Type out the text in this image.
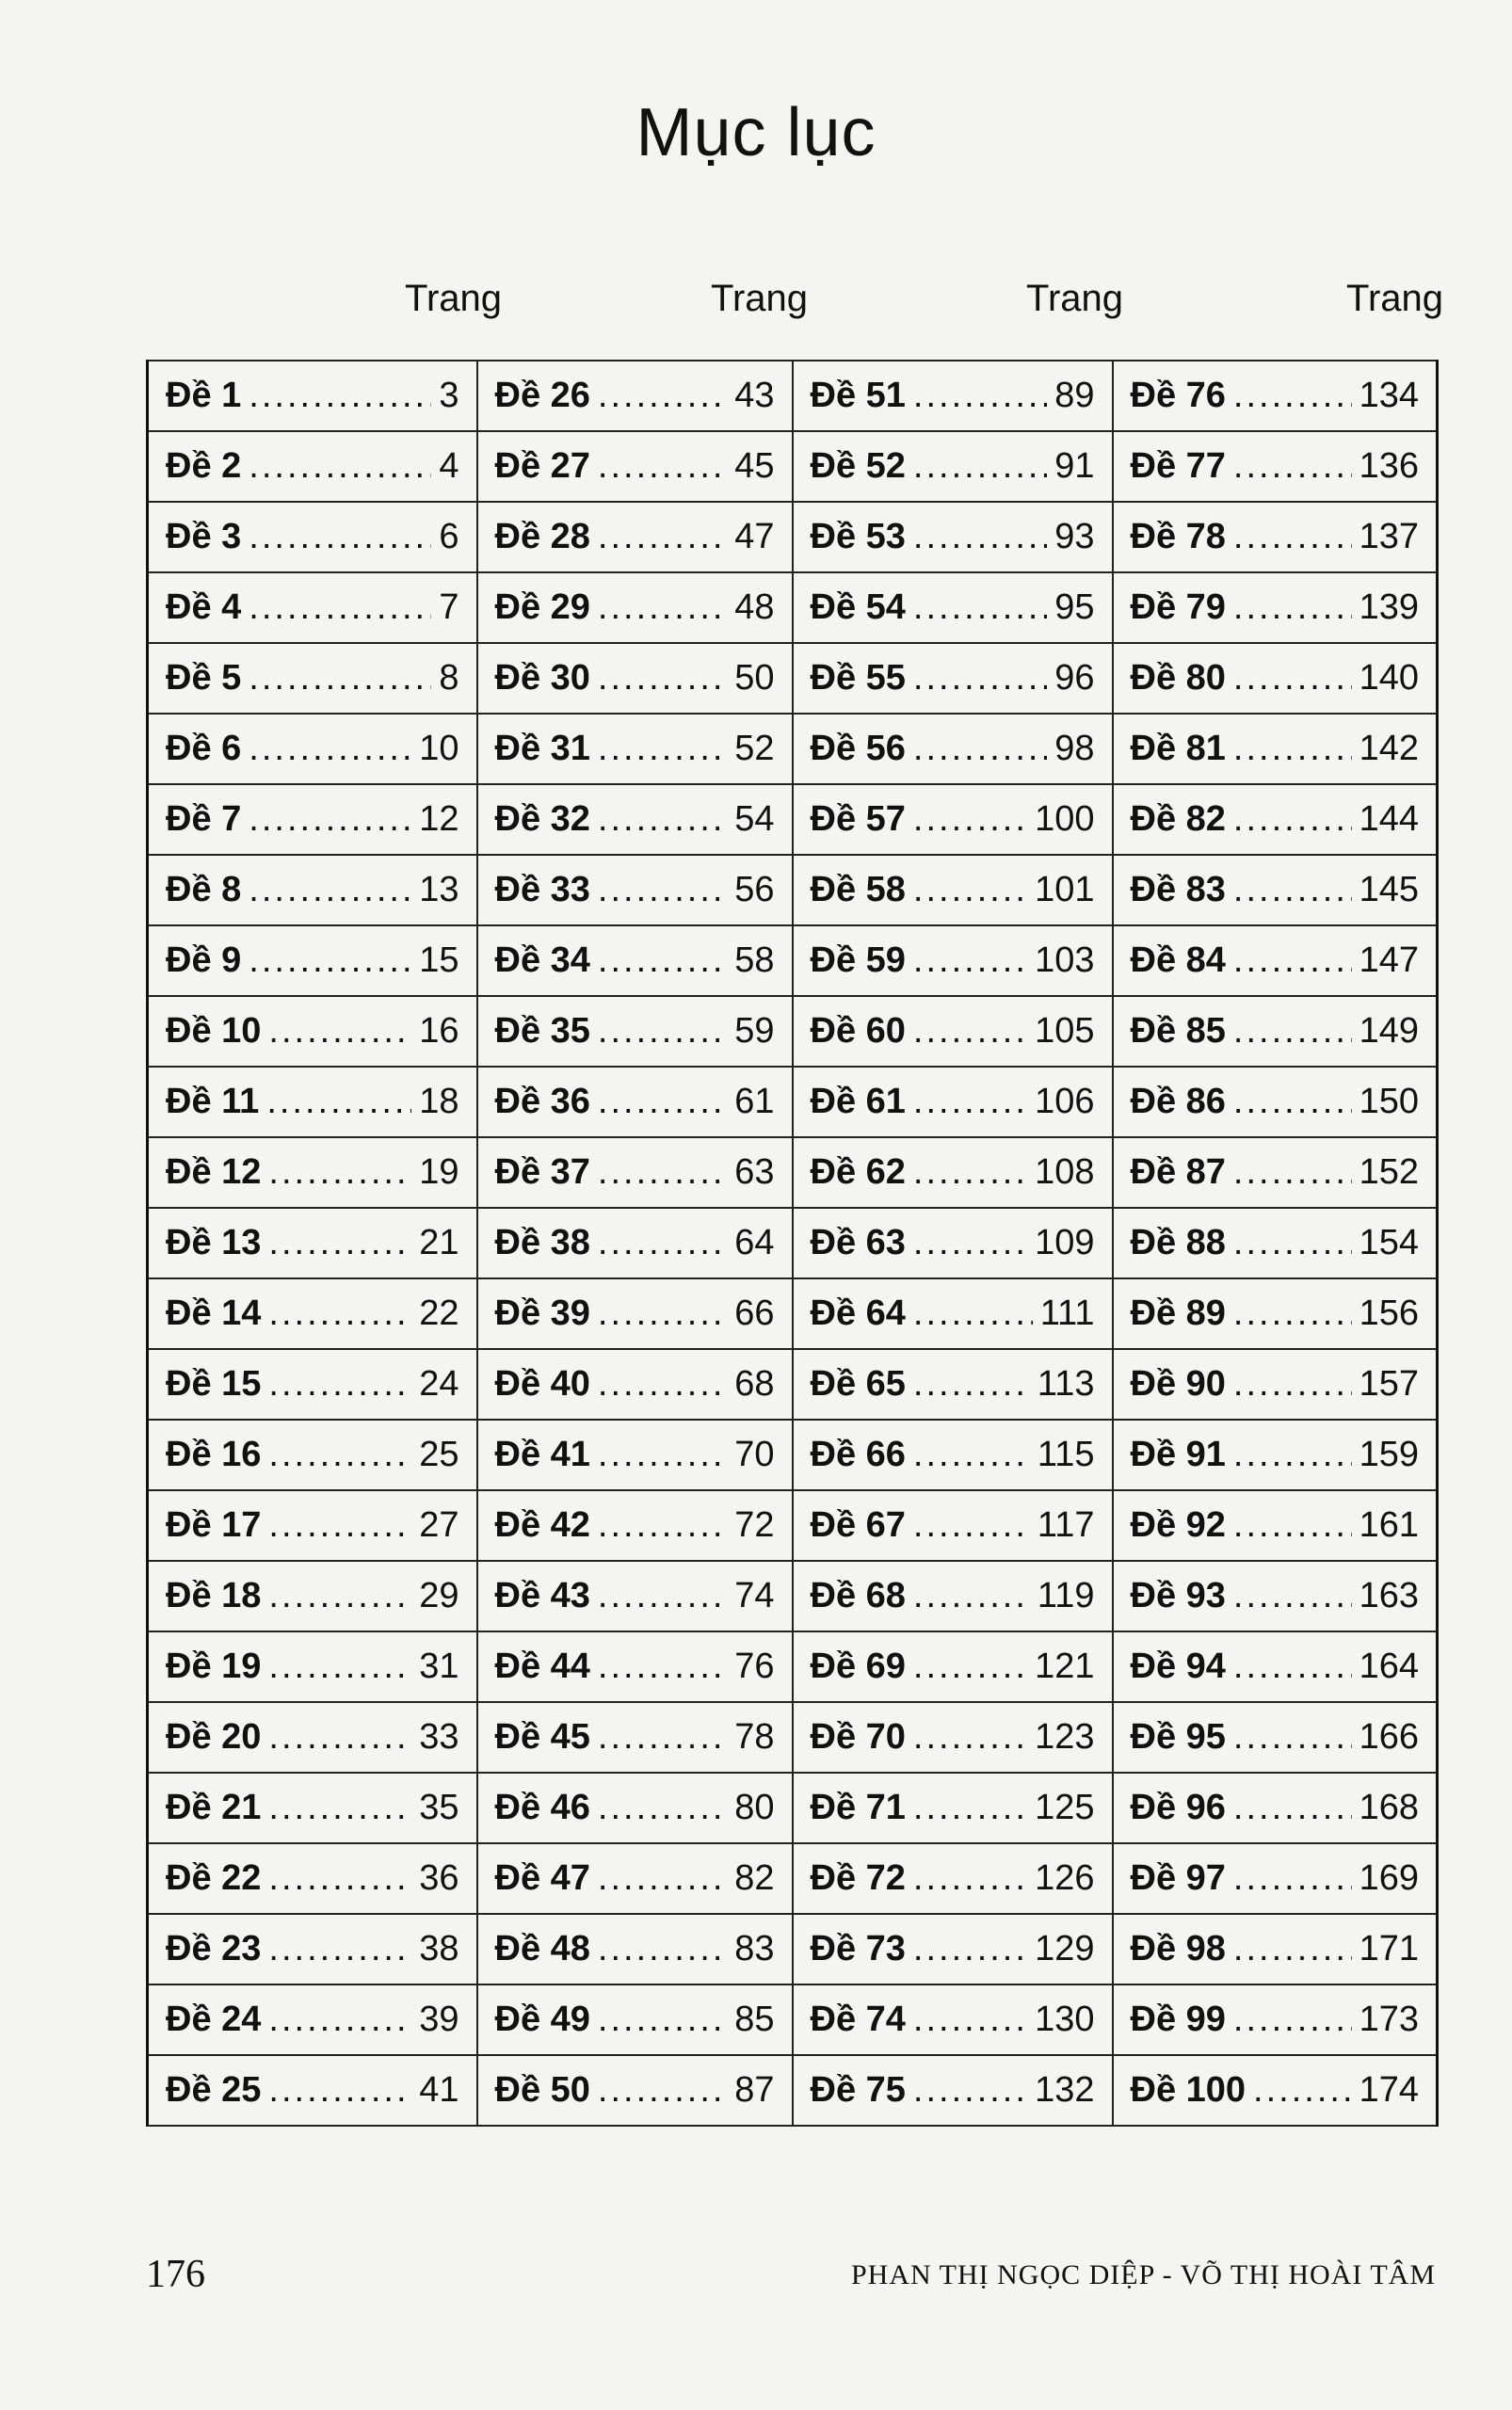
Mục lục
Trang	Trang	Trang	Trang
Đề 1 ..... 3	Đề 26 ..... 43	Đề 51 ..... 89	Đề 76 ..... 134

Đề 2 ..... 4	Đề 27 ..... 45	Đề 52 ..... 91	Đề 77 ..... 136

Đề 3 ..... 6	Đề 28 ..... 47	Đề 53 ..... 93	Đề 78 ..... 137

Đề 4 ..... 7	Đề 29 ..... 48	Đề 54 ..... 95	Đề 79 ..... 139

Đề 5 ..... 8	Đề 30 ..... 50	Đề 55 ..... 96	Đề 80 ..... 140

Đề 6 ..... 10	Đề 31 ..... 52	Đề 56 ..... 98	Đề 81 ..... 142

Đề 7 ..... 12	Đề 32 ..... 54	Đề 57 ..... 100	Đề 82 ..... 144

Đề 8 ..... 13	Đề 33 ..... 56	Đề 58 ..... 101	Đề 83 ..... 145

Đề 9 ..... 15	Đề 34 ..... 58	Đề 59 ..... 103	Đề 84 ..... 147

Đề 10 ..... 16	Đề 35 ..... 59	Đề 60 ..... 105	Đề 85 ..... 149

Đề 11 ..... 18	Đề 36 ..... 61	Đề 61 ..... 106	Đề 86 ..... 150

Đề 12 ..... 19	Đề 37 ..... 63	Đề 62 ..... 108	Đề 87 ..... 152

Đề 13 ..... 21	Đề 38 ..... 64	Đề 63 ..... 109	Đề 88 ..... 154

Đề 14 ..... 22	Đề 39 ..... 66	Đề 64 ..... 111	Đề 89 ..... 156

Đề 15 ..... 24	Đề 40 ..... 68	Đề 65 ..... 113	Đề 90 ..... 157

Đề 16 ..... 25	Đề 41 ..... 70	Đề 66 ..... 115	Đề 91 ..... 159

Đề 17 ..... 27	Đề 42 ..... 72	Đề 67 ..... 117	Đề 92 ..... 161

Đề 18 ..... 29	Đề 43 ..... 74	Đề 68 ..... 119	Đề 93 ..... 163

Đề 19 ..... 31	Đề 44 ..... 76	Đề 69 ..... 121	Đề 94 ..... 164

Đề 20 ..... 33	Đề 45 ..... 78	Đề 70 ..... 123	Đề 95 ..... 166

Đề 21 ..... 35	Đề 46 ..... 80	Đề 71 ..... 125	Đề 96 ..... 168

Đề 22 ..... 36	Đề 47 ..... 82	Đề 72 ..... 126	Đề 97 ..... 169

Đề 23 ..... 38	Đề 48 ..... 83	Đề 73 ..... 129	Đề 98 ..... 171

Đề 24 ..... 39	Đề 49 ..... 85	Đề 74 ..... 130	Đề 99 ..... 173

Đề 25 ..... 41	Đề 50 ..... 87	Đề 75 ..... 132	Đề 100 ..... 174
176	PHAN THỊ NGỌC DIỆP - VÕ THỊ HOÀI TÂM
